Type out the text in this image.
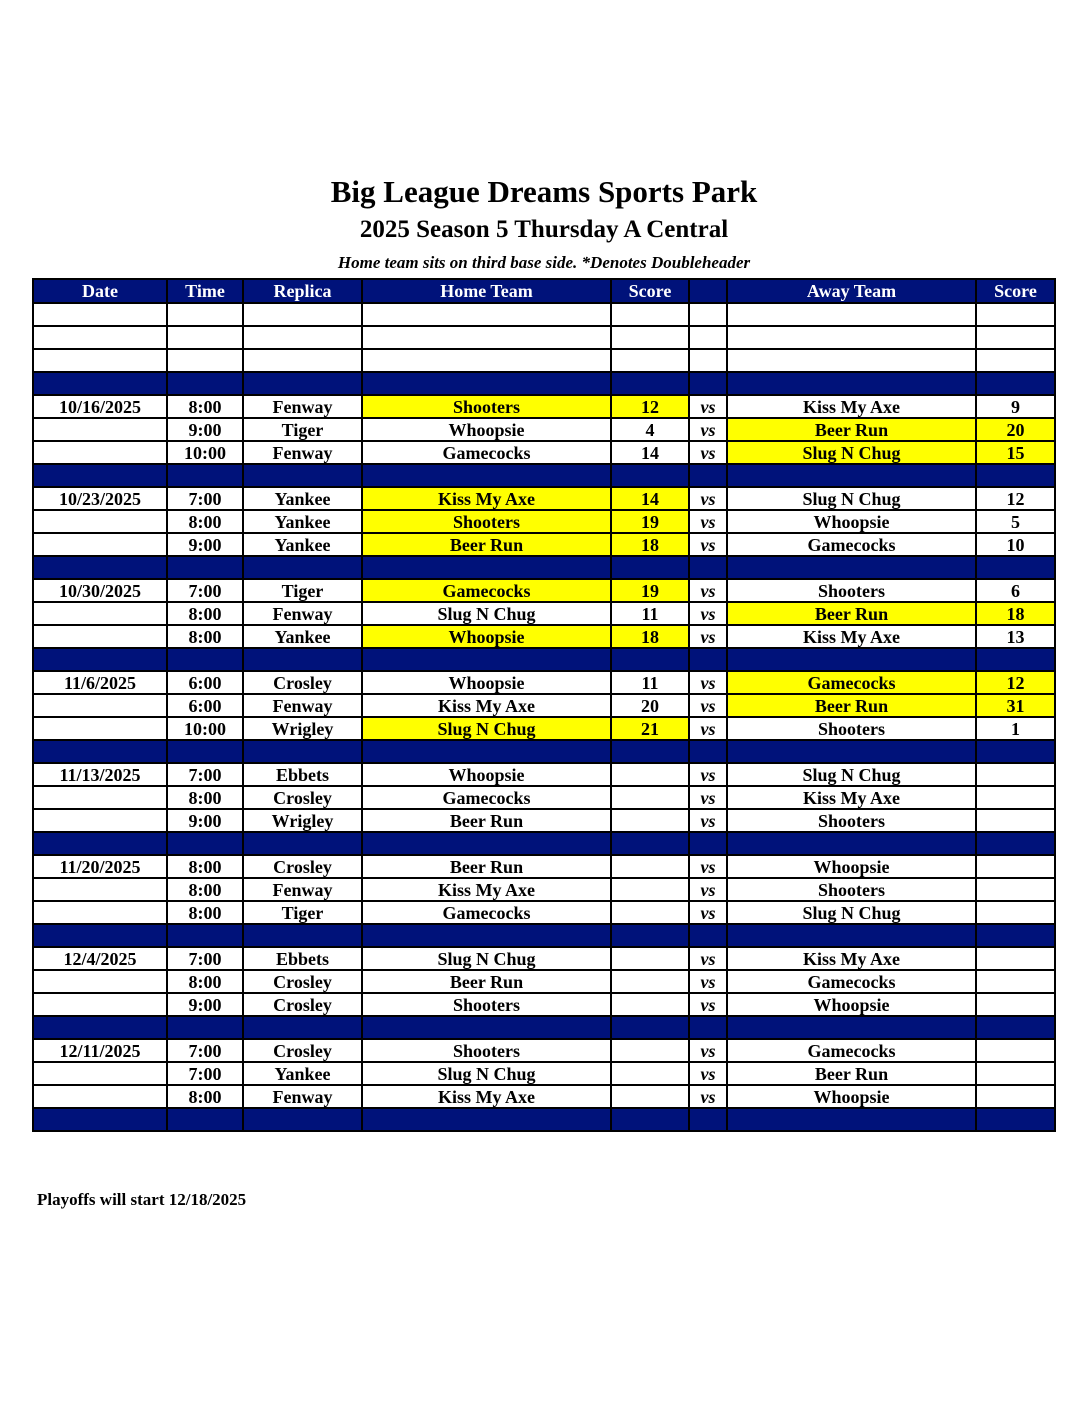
Big League Dreams Sports Park
2025 Season 5 Thursday A Central
Home team sits on third base side. *Denotes Doubleheader
Date	Time	Replica	Home Team	Score		Away Team	Score

10/16/2025	8:00	Fenway	Shooters	12	vs	Kiss My Axe	9
	9:00	Tiger	Whoopsie	4	vs	Beer Run	20
	10:00	Fenway	Gamecocks	14	vs	Slug N Chug	15

10/23/2025	7:00	Yankee	Kiss My Axe	14	vs	Slug N Chug	12
	8:00	Yankee	Shooters	19	vs	Whoopsie	5
	9:00	Yankee	Beer Run	18	vs	Gamecocks	10

10/30/2025	7:00	Tiger	Gamecocks	19	vs	Shooters	6
	8:00	Fenway	Slug N Chug	11	vs	Beer Run	18
	8:00	Yankee	Whoopsie	18	vs	Kiss My Axe	13

11/6/2025	6:00	Crosley	Whoopsie	11	vs	Gamecocks	12
	6:00	Fenway	Kiss My Axe	20	vs	Beer Run	31
	10:00	Wrigley	Slug N Chug	21	vs	Shooters	1

11/13/2025	7:00	Ebbets	Whoopsie		vs	Slug N Chug	
	8:00	Crosley	Gamecocks		vs	Kiss My Axe	
	9:00	Wrigley	Beer Run		vs	Shooters	

11/20/2025	8:00	Crosley	Beer Run		vs	Whoopsie	
	8:00	Fenway	Kiss My Axe		vs	Shooters	
	8:00	Tiger	Gamecocks		vs	Slug N Chug	

12/4/2025	7:00	Ebbets	Slug N Chug		vs	Kiss My Axe	
	8:00	Crosley	Beer Run		vs	Gamecocks	
	9:00	Crosley	Shooters		vs	Whoopsie	

12/11/2025	7:00	Crosley	Shooters		vs	Gamecocks	
	7:00	Yankee	Slug N Chug		vs	Beer Run	
	8:00	Fenway	Kiss My Axe		vs	Whoopsie	

Playoffs will start 12/18/2025
